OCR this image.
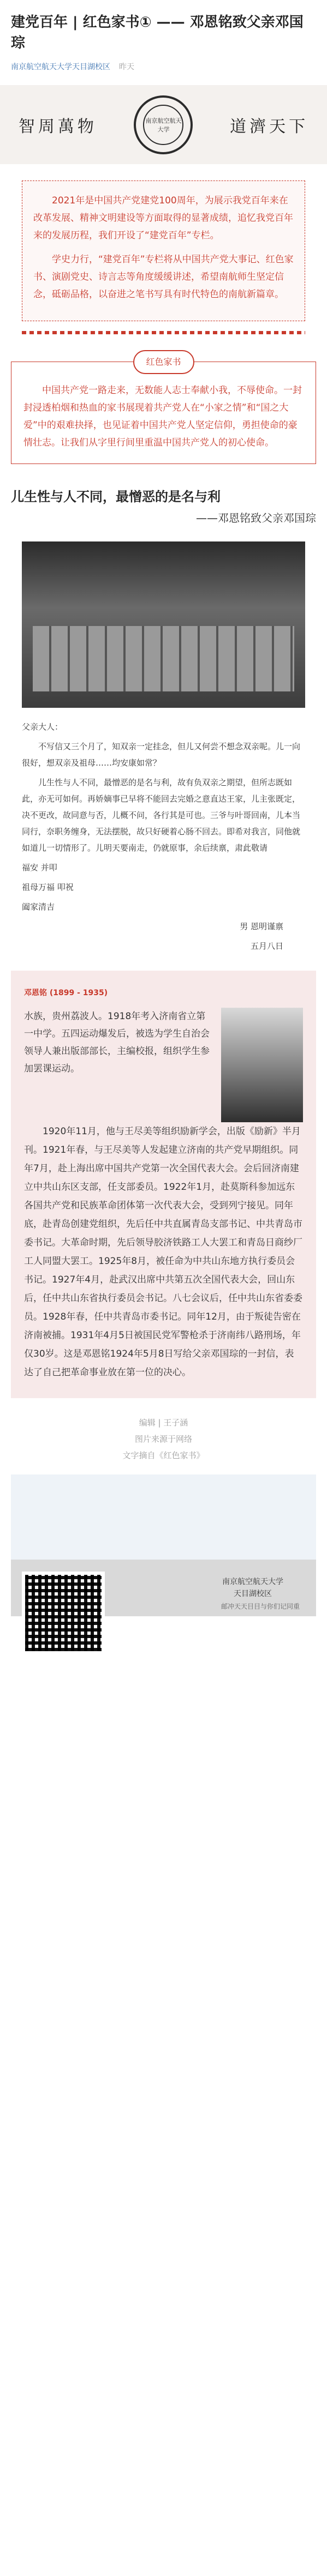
建党百年 | 红色家书① —— 邓恩铭致父亲邓国琮
南京航空航天大学天目湖校区 昨天
智周萬物	南京航空航天大学	道濟天下

2021年是中国共产党建党100周年，为展示我党百年来在改革发展、精神文明建设等方面取得的显著成绩，追忆我党百年来的发展历程，我们开设了“建党百年”专栏。

学史力行，“建党百年”专栏将从中国共产党大事记、红色家书、演剧党史、诗言志等角度缓缓讲述，希望南航师生坚定信念，砥砺品格，以奋进之笔书写具有时代特色的南航新篇章。

红色家书

中国共产党一路走来，无数能人志士奉献小我，不辱使命。一封封浸透柏烟和热血的家书展现着共产党人在“小家之情”和“国之大爱”中的艰难抉择，也见证着中国共产党人坚定信仰，勇担使命的豪情壮志。让我们从字里行间里重温中国共产党人的初心使命。

儿生性与人不同，最憎恶的是名与利
——邓恩铭致父亲邓国琮

父亲大人：

不写信又三个月了，知双亲一定挂念，但儿又何尝不想念双亲呢。儿一向很好，想双亲及祖母……均安康如常？

儿生性与人不同，最憎恶的是名与利，故有负双亲之期望，但所志既如此，亦无可如何。再娇嫡事已早将不能回去完婚之意直达王家，儿主张既定，决不更改，故同意与否，儿概不问，各行其是可也。三爷与叶哥回南，儿本当同行，奈职务缠身，无法摆脱，故只好硬着心肠不回去。即希对我言，同他就如道儿一切情形了。儿明天要南走，仍就原事，余后续禀，肃此敬请

福安 并叩

祖母万福 叩祝

阖家清吉

男 恩明谨禀

五月八日

邓恩铭 (1899 - 1935)
水族，贵州荔波人。1918年考入济南省立第一中学。五四运动爆发后，被选为学生自治会领导人兼出版部部长，主编校报，组织学生参加罢课运动。

1920年11月，他与王尽美等组织励新学会，出版《励新》半月刊。1921年春，与王尽美等人发起建立济南的共产党早期组织。同年7月，赴上海出席中国共产党第一次全国代表大会。会后回济南建立中共山东区支部，任支部委员。1922年1月，赴莫斯科参加远东各国共产党和民族革命团体第一次代表大会，受到列宁接见。同年底，赴青岛创建党组织，先后任中共直属青岛支部书记、中共青岛市委书记。大革命时期，先后领导胶济铁路工人大罢工和青岛日商纱厂工人同盟大罢工。1925年8月，被任命为中共山东地方执行委员会书记。1927年4月，赴武汉出席中共第五次全国代表大会，回山东后，任中共山东省执行委员会书记。八七会议后，任中共山东省委委员。1928年春，任中共青岛市委书记。同年12月，由于叛徒告密在济南被捕。1931年4月5日被国民党军警枪杀于济南纬八路刑场，年仅30岁。这是邓恩铭1924年5月8日写给父亲邓国琮的一封信，表达了自己把革命事业放在第一位的决心。

编辑 | 王子涵
图片来源于网络
文字摘自《红色家书》
南京航空航天大学
天目湖校区
邮冲天天目目与你们记同重
